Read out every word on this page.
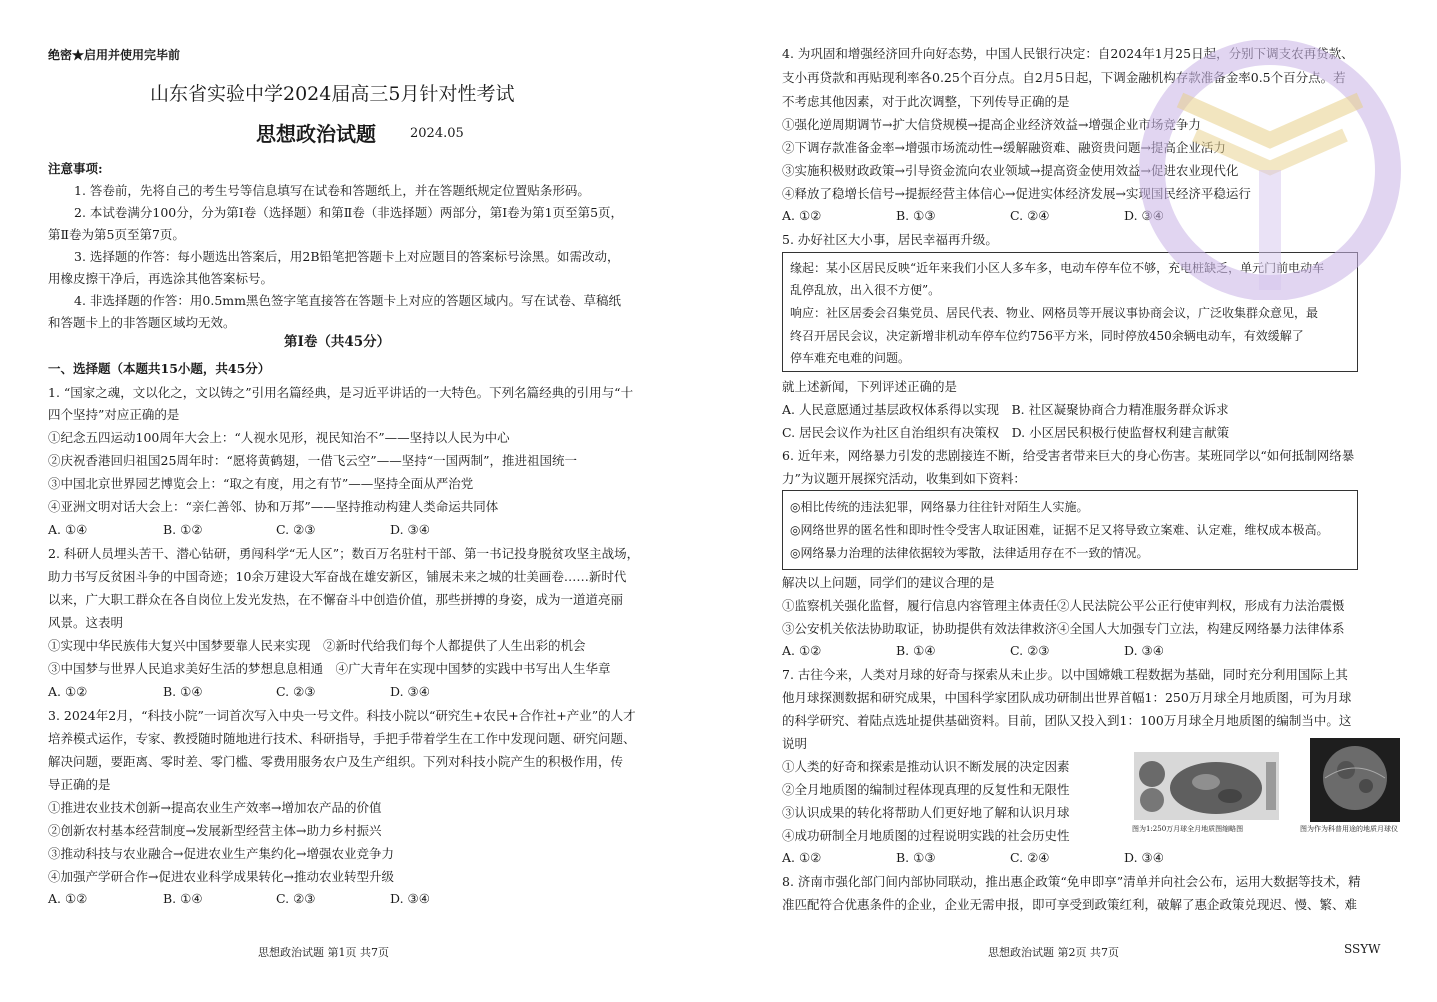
绝密★启用并使用完毕前
山东省实验中学2024届高三5月针对性考试
思想政治试题	2024.05
注意事项:
1. 答卷前，先将自己的考生号等信息填写在试卷和答题纸上，并在答题纸规定位置贴条形码。
2. 本试卷满分100分，分为第Ⅰ卷（选择题）和第Ⅱ卷（非选择题）两部分，第Ⅰ卷为第1页至第5页，
第Ⅱ卷为第5页至第7页。
3. 选择题的作答：每小题选出答案后，用2B铅笔把答题卡上对应题目的答案标号涂黑。如需改动，
用橡皮擦干净后，再选涂其他答案标号。
4. 非选择题的作答：用0.5mm黑色签字笔直接答在答题卡上对应的答题区域内。写在试卷、草稿纸
和答题卡上的非答题区域均无效。
第Ⅰ卷（共45分）
一、选择题（本题共15小题，共45分）
1. “国家之魂，文以化之，文以铸之”引用名篇经典，是习近平讲话的一大特色。下列名篇经典的引用与“十
四个坚持”对应正确的是
①纪念五四运动100周年大会上：“人视水见形，视民知治不”——坚持以人民为中心
②庆祝香港回归祖国25周年时：“愿将黄鹤翅，一借飞云空”——坚持“一国两制”，推进祖国统一
③中国北京世界园艺博览会上：“取之有度，用之有节”——坚持全面从严治党
④亚洲文明对话大会上：“亲仁善邻、协和万邦”——坚持推动构建人类命运共同体
A. ①④	B. ①②	C. ②③	D. ③④
2. 科研人员埋头苦干、潜心钻研，勇闯科学“无人区”；数百万名驻村干部、第一书记投身脱贫攻坚主战场，
助力书写反贫困斗争的中国奇迹；10余万建设大军奋战在雄安新区，铺展未来之城的壮美画卷……新时代
以来，广大职工群众在各自岗位上发光发热，在不懈奋斗中创造价值，那些拼搏的身姿，成为一道道亮丽
风景。这表明
①实现中华民族伟大复兴中国梦要靠人民来实现　②新时代给我们每个人都提供了人生出彩的机会
③中国梦与世界人民追求美好生活的梦想息息相通　④广大青年在实现中国梦的实践中书写出人生华章
A. ①②	B. ①④	C. ②③	D. ③④
3. 2024年2月，“科技小院”一词首次写入中央一号文件。科技小院以“研究生+农民+合作社+产业”的人才
培养模式运作，专家、教授随时随地进行技术、科研指导，手把手带着学生在工作中发现问题、研究问题、
解决问题，要距离、零时差、零门槛、零费用服务农户及生产组织。下列对科技小院产生的积极作用，传
导正确的是
①推进农业技术创新→提高农业生产效率→增加农产品的价值
②创新农村基本经营制度→发展新型经营主体→助力乡村振兴
③推动科技与农业融合→促进农业生产集约化→增强农业竞争力
④加强产学研合作→促进农业科学成果转化→推动农业转型升级
A. ①②	B. ①④	C. ②③	D. ③④
思想政治试题 第1页 共7页
4. 为巩固和增强经济回升向好态势，中国人民银行决定：自2024年1月25日起，分别下调支农再贷款、
支小再贷款和再贴现利率各0.25个百分点。自2月5日起，下调金融机构存款准备金率0.5个百分点。若
不考虑其他因素，对于此次调整，下列传导正确的是
①强化逆周期调节→扩大信贷规模→提高企业经济效益→增强企业市场竞争力
②下调存款准备金率→增强市场流动性→缓解融资难、融资贵问题→提高企业活力
③实施积极财政政策→引导资金流向农业领域→提高资金使用效益→促进农业现代化
④释放了稳增长信号→提振经营主体信心→促进实体经济发展→实现国民经济平稳运行
A. ①②	B. ①③	C. ②④	D. ③④
5. 办好社区大小事，居民幸福再升级。
缘起：某小区居民反映“近年来我们小区人多车多，电动车停车位不够，充电桩缺乏，单元门前电动车
乱停乱放，出入很不方便”。
响应：社区居委会召集党员、居民代表、物业、网格员等开展议事协商会议，广泛收集群众意见，最
终召开居民会议，决定新增非机动车停车位约756平方米，同时停放450余辆电动车，有效缓解了
停车难充电难的问题。
就上述新闻，下列评述正确的是
A. 人民意愿通过基层政权体系得以实现　B. 社区凝聚协商合力精准服务群众诉求
C. 居民会议作为社区自治组织有决策权　D. 小区居民积极行使监督权利建言献策
6. 近年来，网络暴力引发的悲剧接连不断，给受害者带来巨大的身心伤害。某班同学以“如何抵制网络暴
力”为议题开展探究活动，收集到如下资料：
◎相比传统的违法犯罪，网络暴力往往针对陌生人实施。
◎网络世界的匿名性和即时性令受害人取证困难，证据不足又将导致立案难、认定难，维权成本极高。
◎网络暴力治理的法律依据较为零散，法律适用存在不一致的情况。
解决以上问题，同学们的建议合理的是
①监察机关强化监督，履行信息内容管理主体责任②人民法院公平公正行使审判权，形成有力法治震慑
③公安机关依法协助取证，协助提供有效法律救济④全国人大加强专门立法，构建反网络暴力法律体系
A. ①②	B. ①④	C. ②③	D. ③④
7. 古往今来，人类对月球的好奇与探索从未止步。以中国嫦娥工程数据为基础，同时充分利用国际上其
他月球探测数据和研究成果，中国科学家团队成功研制出世界首幅1：250万月球全月地质图，可为月球
的科学研究、着陆点选址提供基础资料。目前，团队又投入到1：100万月球全月地质图的编制当中。这
说明
①人类的好奇和探索是推动认识不断发展的决定因素
②全月地质图的编制过程体现真理的反复性和无限性
③认识成果的转化将帮助人们更好地了解和认识月球
④成功研制全月地质图的过程说明实践的社会历史性	图为1:250万月球全月地质图缩略图	图为作为科普用途的地质月球仪
A. ①②	B. ①③	C. ②④	D. ③④
8. 济南市强化部门间内部协同联动，推出惠企政策“免申即享”清单并向社会公布，运用大数据等技术，精
准匹配符合优惠条件的企业，企业无需申报，即可享受到政策红利，破解了惠企政策兑现迟、慢、繁、难
思想政治试题 第2页 共7页	SSYW
